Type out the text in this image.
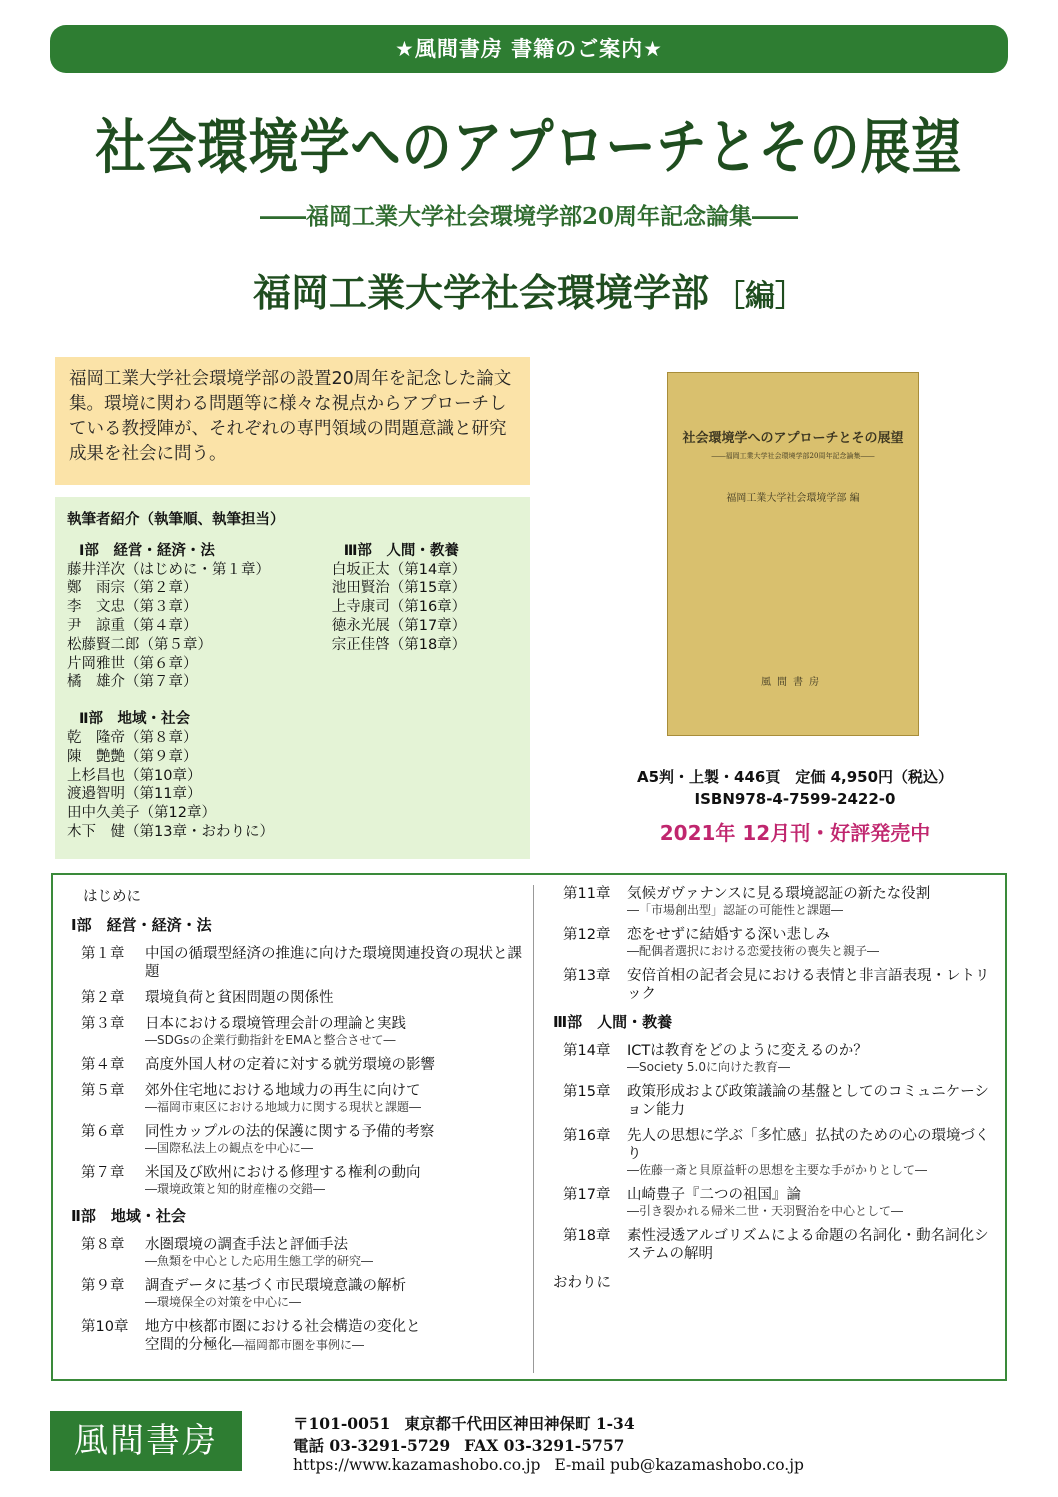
★風間書房 書籍のご案内★
社会環境学へのアプローチとその展望
――福岡工業大学社会環境学部20周年記念論集――
福岡工業大学社会環境学部 ［編］
福岡工業大学社会環境学部の設置20周年を記念した論文集。環境に関わる問題等に様々な視点からアプローチしている教授陣が、それぞれの専門領域の問題意識と研究成果を社会に問う。
執筆者紹介（執筆順、執筆担当）
Ⅰ部　経営・経済・法
藤井洋次（はじめに・第１章）
鄭　雨宗（第２章）
李　文忠（第３章）
尹　諒重（第４章）
松藤賢二郎（第５章）
片岡雅世（第６章）
橘　雄介（第７章）
Ⅱ部　地域・社会
乾　隆帝（第８章）
陳　艶艶（第９章）
上杉昌也（第10章）
渡邉智明（第11章）
田中久美子（第12章）
木下　健（第13章・おわりに）
Ⅲ部　人間・教養
白坂正太（第14章）
池田賢治（第15章）
上寺康司（第16章）
徳永光展（第17章）
宗正佳啓（第18章）
社会環境学へのアプローチとその展望
――福岡工業大学社会環境学部20周年記念論集――
福岡工業大学社会環境学部 編
風間書房
A5判・上製・446頁　定価 4,950円（税込）
ISBN978-4-7599-2422-0
2021年 12月刊・好評発売中
はじめに
Ⅰ部　経営・経済・法
第１章	中国の循環型経済の推進に向けた環境関連投資の現状と課題
第２章	環境負荷と貧困問題の関係性
第３章	日本における環境管理会計の理論と実践
―SDGsの企業行動指針をEMAと整合させて―
第４章	高度外国人材の定着に対する就労環境の影響
第５章	郊外住宅地における地域力の再生に向けて
―福岡市東区における地域力に関する現状と課題―
第６章	同性カップルの法的保護に関する予備的考察
―国際私法上の観点を中心に―
第７章	米国及び欧州における修理する権利の動向
―環境政策と知的財産権の交錯―
Ⅱ部　地域・社会
第８章	水圏環境の調査手法と評価手法
―魚類を中心とした応用生態工学的研究―
第９章	調査データに基づく市民環境意識の解析
―環境保全の対策を中心に―
第10章	地方中核都市圏における社会構造の変化と
空間的分極化―福岡都市圏を事例に―
第11章	気候ガヴァナンスに見る環境認証の新たな役割
―「市場創出型」認証の可能性と課題―
第12章	恋をせずに結婚する深い悲しみ
―配偶者選択における恋愛技術の喪失と親子―
第13章	安倍首相の記者会見における表情と非言語表現・レトリック
Ⅲ部　人間・教養
第14章	ICTは教育をどのように変えるのか？
―Society 5.0に向けた教育―
第15章	政策形成および政策議論の基盤としてのコミュニケーション能力
第16章	先人の思想に学ぶ「多忙感」払拭のための心の環境づくり
―佐藤一斎と貝原益軒の思想を主要な手がかりとして―
第17章	山崎豊子『二つの祖国』論
―引き裂かれる帰米二世・天羽賢治を中心として―
第18章	素性浸透アルゴリズムによる命題の名詞化・動名詞化システムの解明
おわりに
風間書房	〒101-0051 東京都千代田区神田神保町 1-34
電話 03-3291-5729 FAX 03-3291-5757
https://www.kazamashobo.co.jp E-mail pub@kazamashobo.co.jp
